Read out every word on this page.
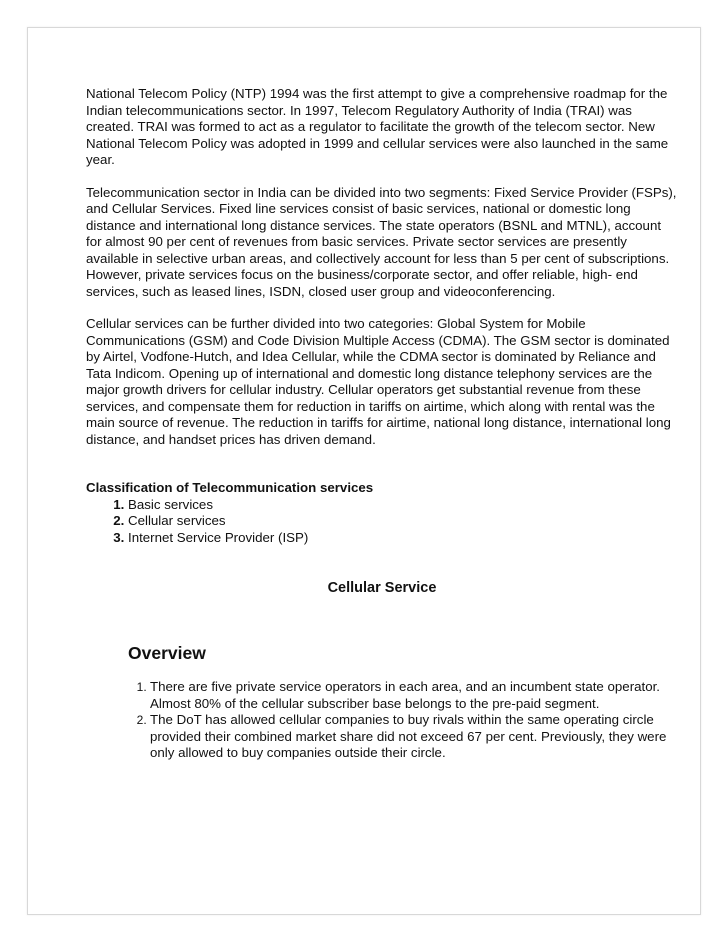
National Telecom Policy (NTP) 1994 was the first attempt to give a comprehensive roadmap for the Indian telecommunications sector. In 1997, Telecom Regulatory Authority of India (TRAI) was created. TRAI was formed to act as a regulator to facilitate the growth of the telecom sector. New National Telecom Policy was adopted in 1999 and cellular services were also launched in the same year.

Telecommunication sector in India can be divided into two segments: Fixed Service Provider (FSPs), and Cellular Services. Fixed line services consist of basic services, national or domestic long distance and international long distance services. The state operators (BSNL and MTNL), account for almost 90 per cent of revenues from basic services. Private sector services are presently available in selective urban areas, and collectively account for less than 5 per cent of subscriptions. However, private services focus on the business/corporate sector, and offer reliable, high- end services, such as leased lines, ISDN, closed user group and videoconferencing.

Cellular services can be further divided into two categories: Global System for Mobile Communications (GSM) and Code Division Multiple Access (CDMA). The GSM sector is dominated by Airtel, Vodfone-Hutch, and Idea Cellular, while the CDMA sector is dominated by Reliance and Tata Indicom. Opening up of international and domestic long distance telephony services are the major growth drivers for cellular industry. Cellular operators get substantial revenue from these services, and compensate them for reduction in tariffs on airtime, which along with rental was the main source of revenue. The reduction in tariffs for airtime, national long distance, international long distance, and handset prices has driven demand.

Classification of Telecommunication services
1. Basic services
2. Cellular services
3. Internet Service Provider (ISP)
Cellular Service
Overview
1. There are five private service operators in each area, and an incumbent state operator. Almost 80% of the cellular subscriber base belongs to the pre-paid segment.
2. The DoT has allowed cellular companies to buy rivals within the same operating circle provided their combined market share did not exceed 67 per cent. Previously, they were only allowed to buy companies outside their circle.
